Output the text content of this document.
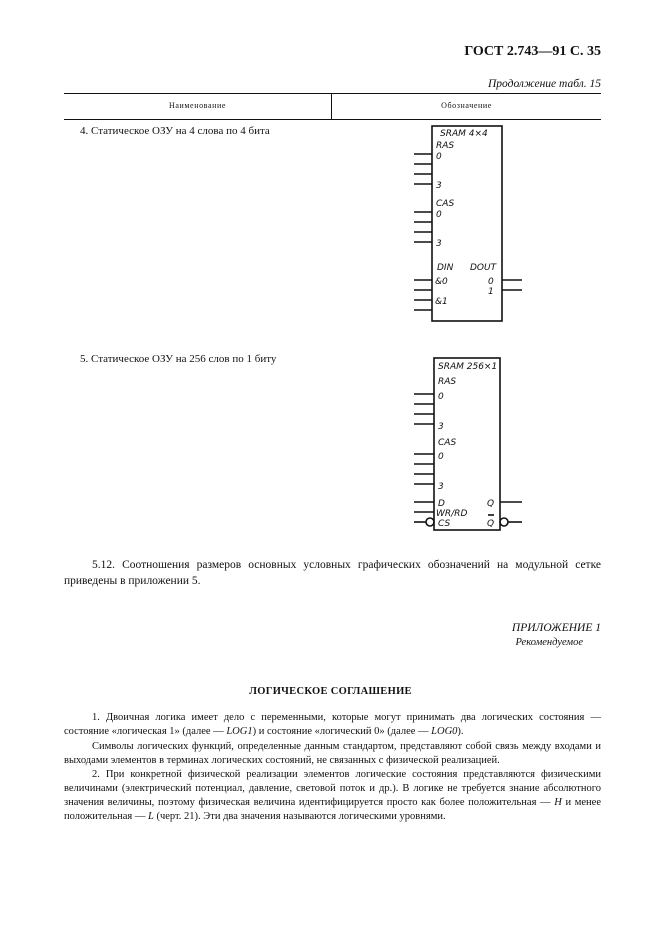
ГОСТ 2.743—91 С. 35
Продолжение табл. 15
Наименование	Обозначение
4. Статическое ОЗУ на 4 слова по 4 бита
5. Статическое ОЗУ на 256 слов по 1 биту
SRAM 4×4
RAS
0
3
CAS
0
3
DIN DOUT
&0
&1
0
1
SRAM 256×1
RAS
0
3
CAS
0
3
D
WR/RD
CS
Q
Q
5.12. Соотношения размеров основных условных графических обозначений на модульной сетке приведены в приложении 5.
ПРИЛОЖЕНИЕ 1
Рекомендуемое
ЛОГИЧЕСКОЕ СОГЛАШЕНИЕ
1. Двоичная логика имеет дело с переменными, которые могут принимать два логических состояния — состояние «логическая 1» (далее — LOG1) и состояние «логический 0» (далее — LOG0).
Символы логических функций, определенные данным стандартом, представляют собой связь между входами и выходами элементов в терминах логических состояний, не связанных с физической реализацией.
2. При конкретной физической реализации элементов логические состояния представляются физическими величинами (электрический потенциал, давление, световой поток и др.). В логике не требуется знание абсолютного значения величины, поэтому физическая величина идентифицируется просто как более положительная — H и менее положительная — L (черт. 21). Эти два значения называются логическими уровнями.
